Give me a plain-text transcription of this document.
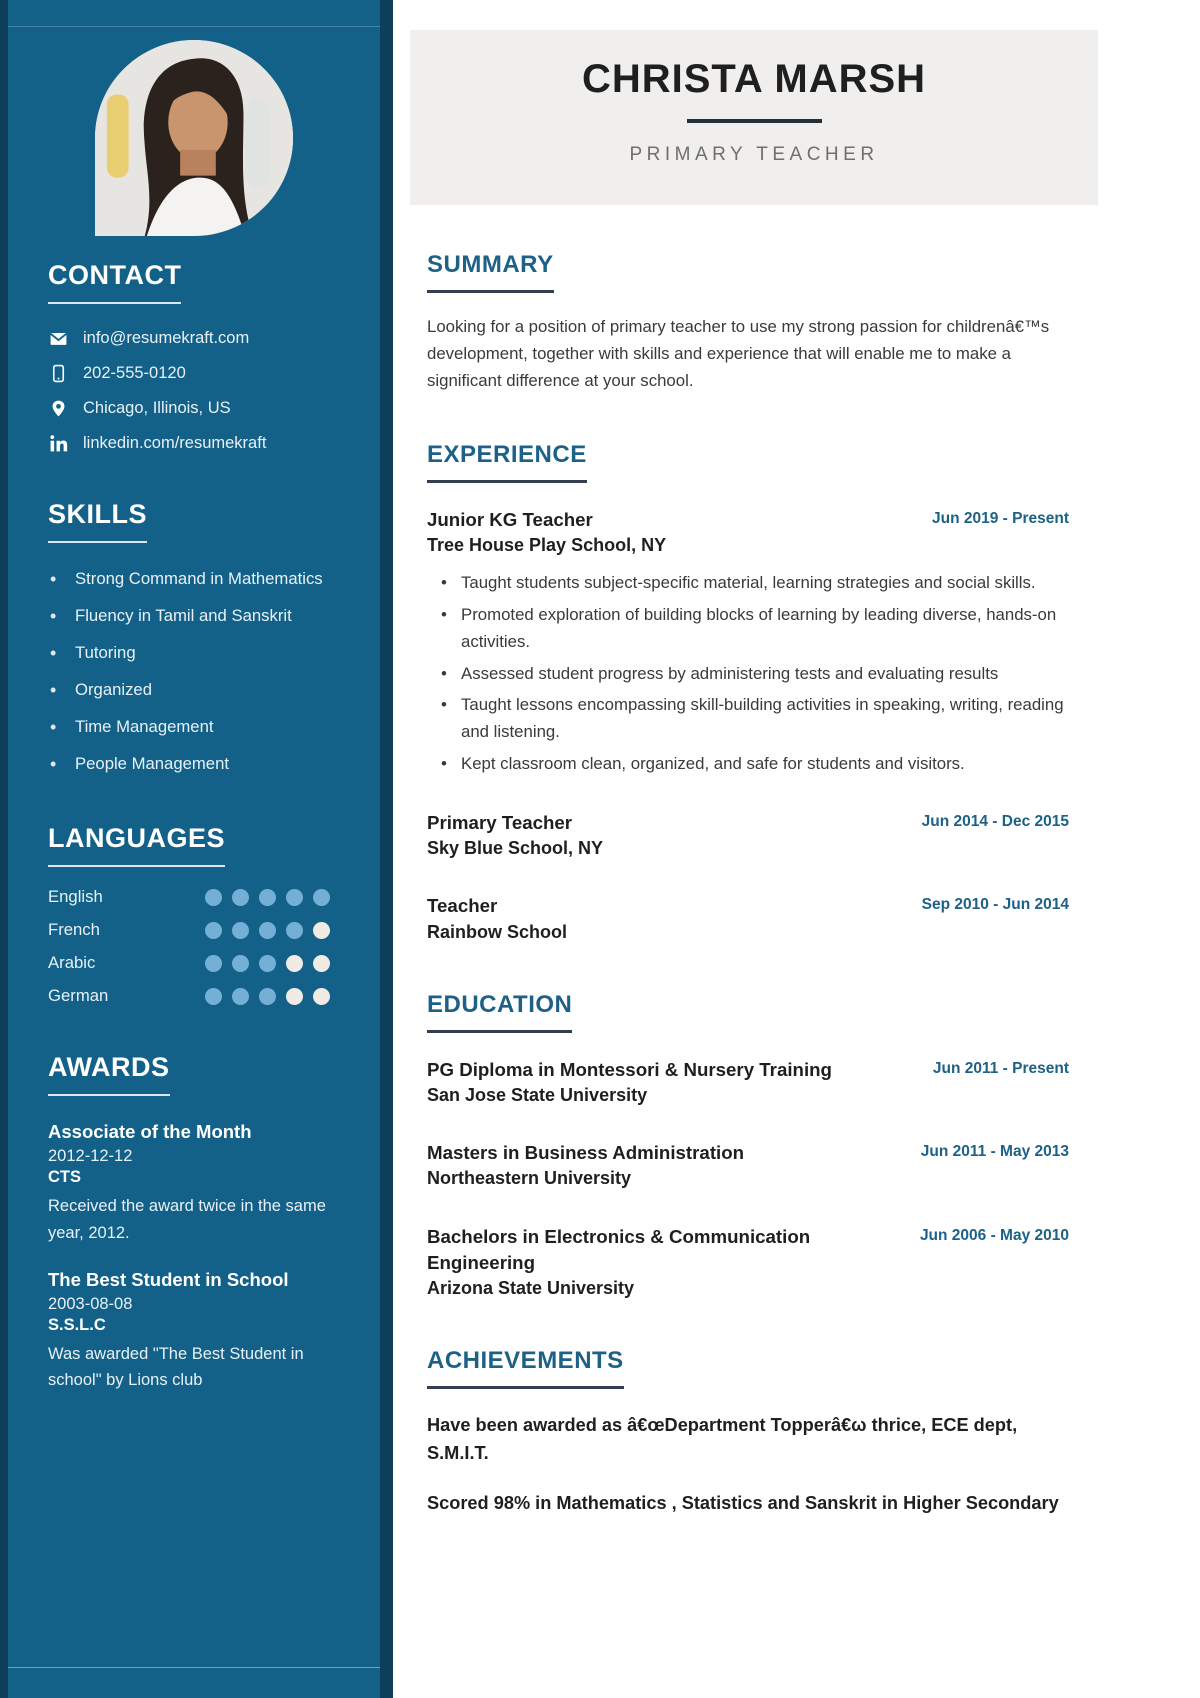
CONTACT
info@resumekraft.com
202-555-0120
Chicago, Illinois, US
linkedin.com/resumekraft
SKILLS
• Strong Command in Mathematics
• Fluency in Tamil and Sanskrit
• Tutoring
• Organized
• Time Management
• People Management
LANGUAGES
English
French
Arabic
German
AWARDS
Associate of the Month
2012-12-12
CTS
Received the award twice in the same year, 2012.
The Best Student in School
2003-08-08
S.S.L.C
Was awarded "The Best Student in school" by Lions club
CHRISTA MARSH
PRIMARY TEACHER
SUMMARY

Looking for a position of primary teacher to use my strong passion for childrenâ€™s development, together with skills and experience that will enable me to make a significant difference at your school.

EXPERIENCE
Junior KG Teacher
Tree House Play School, NY
Jun 2019 - Present
• Taught students subject-specific material, learning strategies and social skills.
• Promoted exploration of building blocks of learning by leading diverse, hands-on activities.
• Assessed student progress by administering tests and evaluating results
• Taught lessons encompassing skill-building activities in speaking, writing, reading and listening.
• Kept classroom clean, organized, and safe for students and visitors.
Primary Teacher
Sky Blue School, NY
Jun 2014 - Dec 2015
Teacher
Rainbow School
Sep 2010 - Jun 2014
EDUCATION
PG Diploma in Montessori & Nursery Training
San Jose State University
Jun 2011 - Present
Masters in Business Administration
Northeastern University
Jun 2011 - May 2013
Bachelors in Electronics & Communication Engineering
Arizona State University
Jun 2006 - May 2010
ACHIEVEMENTS
Have been awarded as â€œDepartment Topperâ€ω thrice, ECE dept, S.M.I.T.
Scored 98% in Mathematics , Statistics and Sanskrit in Higher Secondary
